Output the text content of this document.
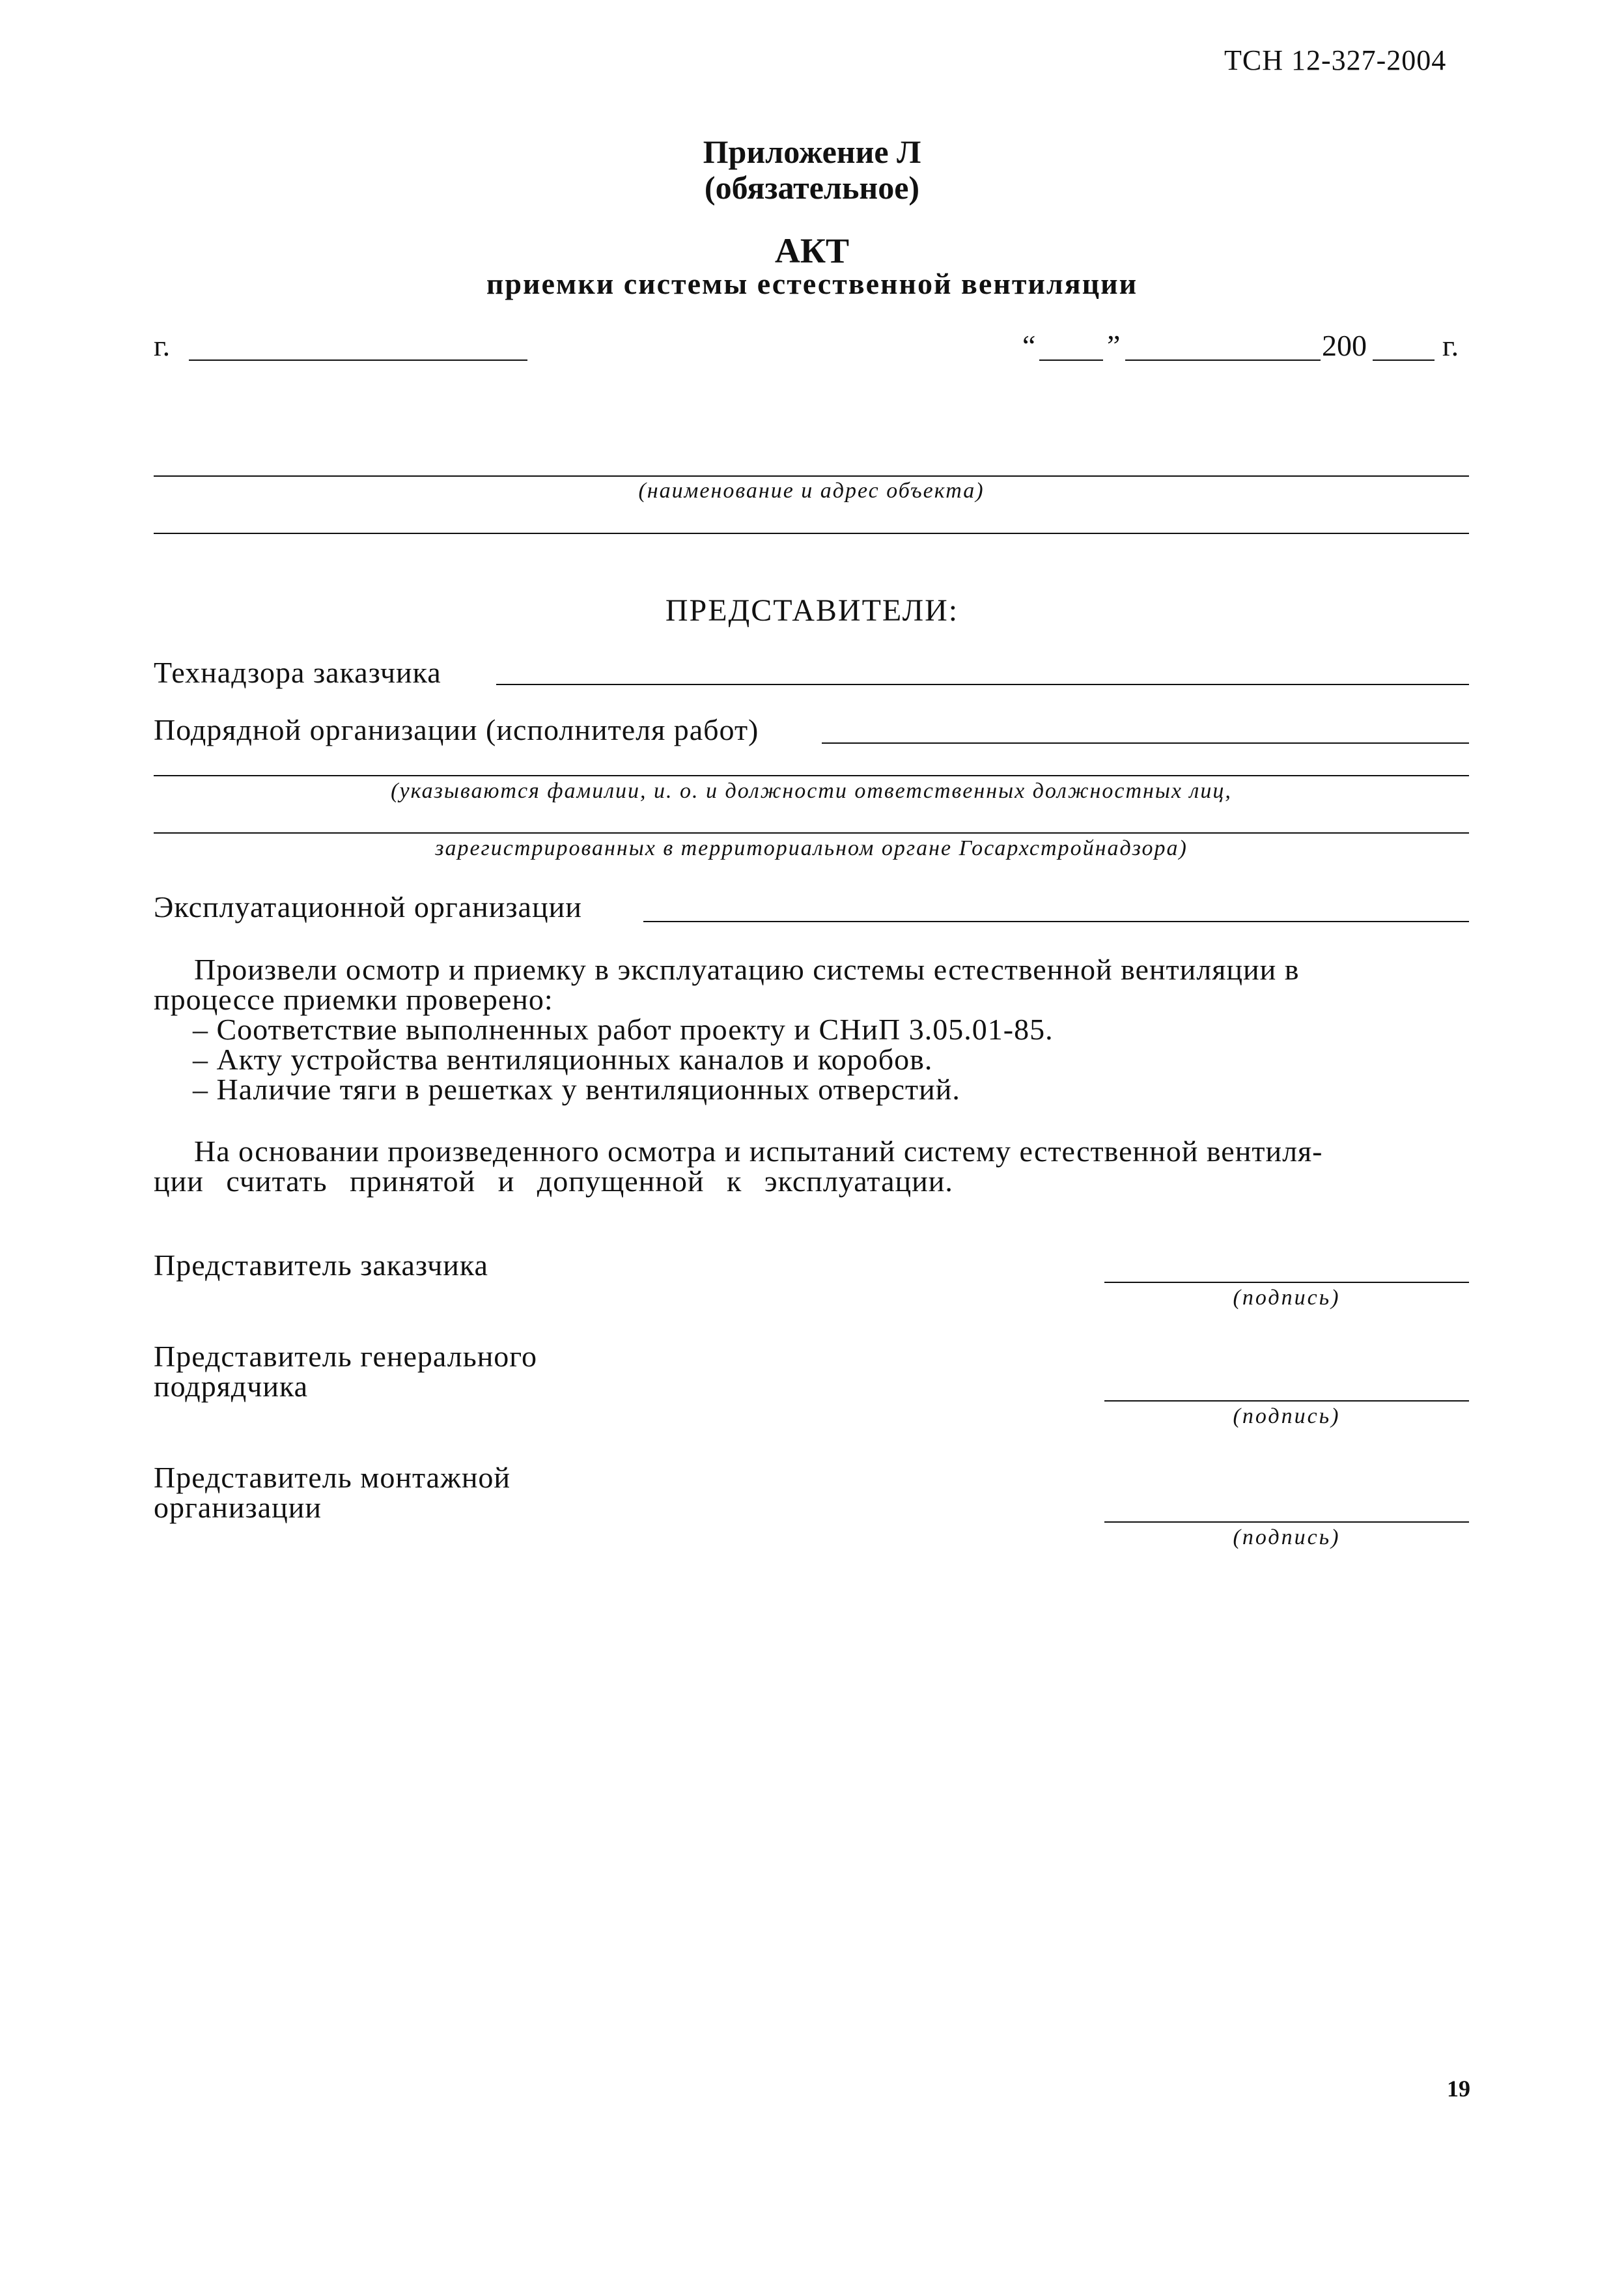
ТСН 12-327-2004
Приложение Л
(обязательное)
АКТ
приемки системы естественной вентиляции
г.	“ ”	200	г.
(наименование и адрес объекта)
ПРЕДСТАВИТЕЛИ:
Технадзора заказчика
Подрядной организации (исполнителя работ)
(указываются фамилии, и. о. и должности ответственных должностных лиц,
зарегистрированных в территориальном органе Госархстройнадзора)
Эксплуатационной организации
Произвели осмотр и приемку в эксплуатацию системы естественной вентиляции в
процессе приемки проверено:
– Соответствие выполненных работ проекту и СНиП 3.05.01-85.
– Акту устройства вентиляционных каналов и коробов.
– Наличие тяги в решетках у вентиляционных отверстий.
На основании произведенного осмотра и испытаний систему естественной вентиля-
ции считать принятой и допущенной к эксплуатации.
Представитель заказчика
(подпись)
Представитель генерального
подрядчика
(подпись)
Представитель монтажной
организации
(подпись)
19
